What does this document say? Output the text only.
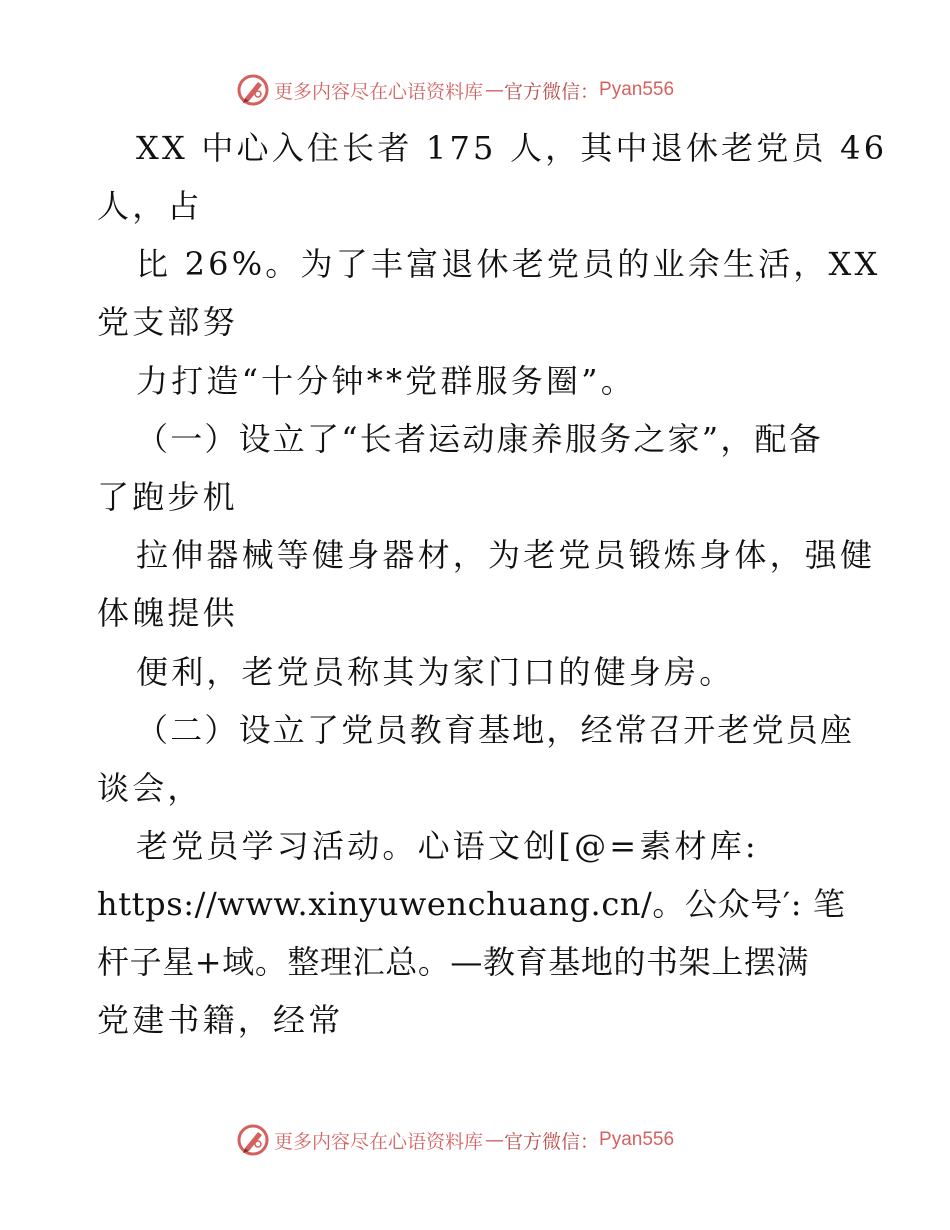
更多内容尽在心语资料库 — 官方微信： Pyan556
XX 中心入住长者 175 人，其中退休老党员 46
人，占
比 26%。为了丰富退休老党员的业余生活，XX
党支部努
力打造“十分钟**党群服务圈”。
（一）设立了“长者运动康养服务之家”，配备
了跑步机
拉伸器械等健身器材，为老党员锻炼身体，强健
体魄提供
便利，老党员称其为家门口的健身房。
（二）设立了党员教育基地，经常召开老党员座
谈会，
老党员学习活动。心语文创[@=素材库:
https://www.xinyuwenchuang.cn/。公众号′: 笔
杆子星+域。整理汇总。—教育基地的书架上摆满
党建书籍，经常
更多内容尽在心语资料库 — 官方微信： Pyan556
